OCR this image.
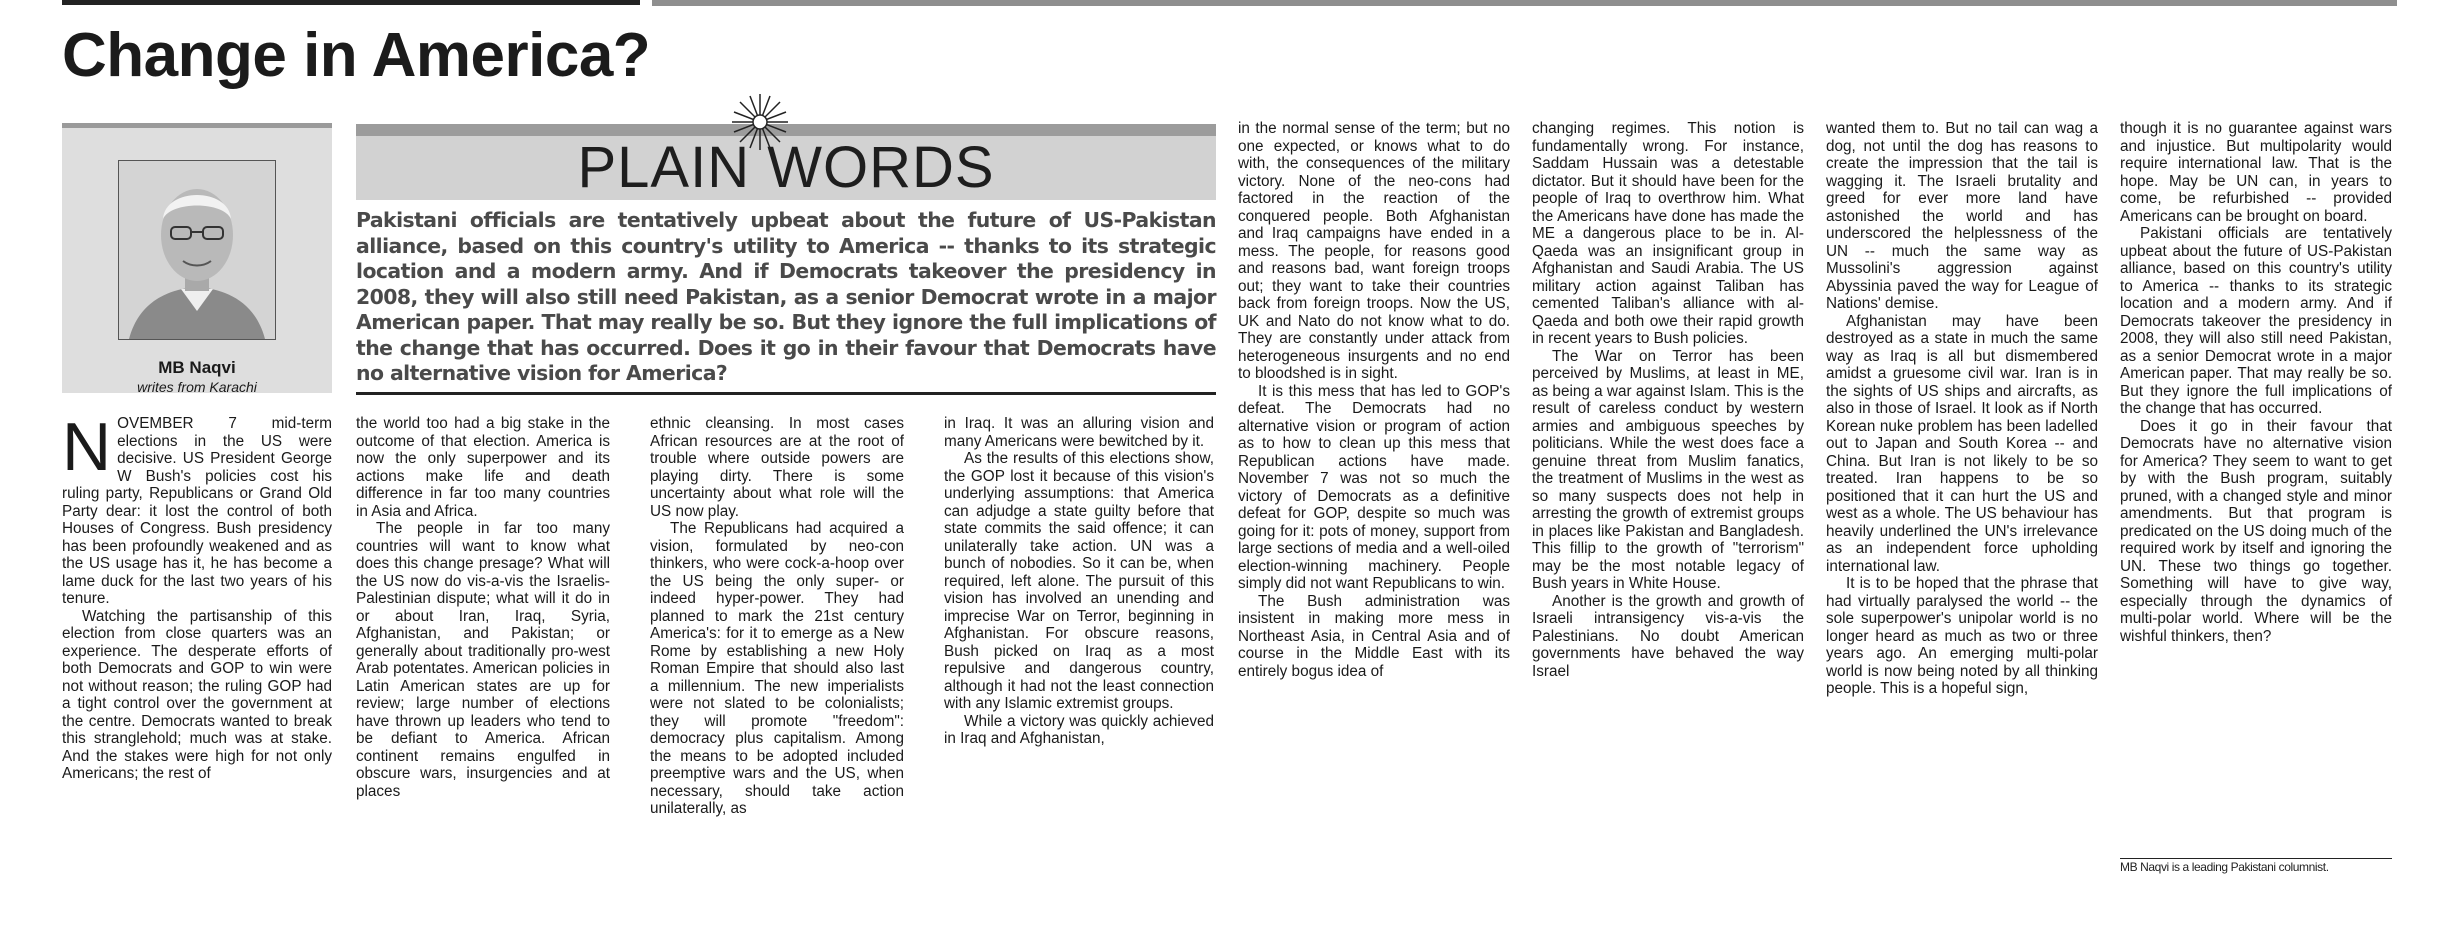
Change in America?

MB Naqvi

writes from Karachi

PLAIN WORDS

Pakistani officials are tentatively upbeat about the future of US-Pakistan alliance, based on this country's utility to America -- thanks to its strategic location and a modern army. And if Democrats takeover the presidency in 2008, they will also still need Pakistan, as a senior Democrat wrote in a major American paper. That may really be so. But they ignore the full implications of the change that has occurred. Does it go in their favour that Democrats have no alternative vision for America?

NOVEMBER 7 mid-term elections in the US were decisive. US President George W Bush's policies cost his ruling party, Republicans or Grand Old Party dear: it lost the control of both Houses of Congress. Bush presidency has been profoundly weakened and as the US usage has it, he has become a lame duck for the last two years of his tenure.

Watching the partisanship of this election from close quarters was an experience. The desperate efforts of both Democrats and GOP to win were not without reason; the ruling GOP had a tight control over the government at the centre. Democrats wanted to break this stranglehold; much was at stake. And the stakes were high for not only Americans; the rest of

the world too had a big stake in the outcome of that election. America is now the only superpower and its actions make life and death difference in far too many countries in Asia and Africa.

The people in far too many countries will want to know what does this change presage? What will the US now do vis-a-vis the Israelis-Palestinian dispute; what will it do in or about Iran, Iraq, Syria, Afghanistan, and Pakistan; or generally about traditionally pro-west Arab potentates. American policies in Latin American states are up for review; large number of elections have thrown up leaders who tend to be defiant to America. African continent remains engulfed in obscure wars, insurgencies and at places

ethnic cleansing. In most cases African resources are at the root of trouble where outside powers are playing dirty. There is some uncertainty about what role will the US now play.

The Republicans had acquired a vision, formulated by neo-con thinkers, who were cock-a-hoop over the US being the only super- or indeed hyper-power. They had planned to mark the 21st century America's: for it to emerge as a New Rome by establishing a new Holy Roman Empire that should also last a millennium. The new imperialists were not slated to be colonialists; they will promote "freedom": democracy plus capitalism. Among the means to be adopted included preemptive wars and the US, when necessary, should take action unilaterally, as

in Iraq. It was an alluring vision and many Americans were bewitched by it.

As the results of this elections show, the GOP lost it because of this vision's underlying assumptions: that America can adjudge a state guilty before that state commits the said offence; it can unilaterally take action. UN was a bunch of nobodies. So it can be, when required, left alone. The pursuit of this vision has involved an unending and imprecise War on Terror, beginning in Afghanistan. For obscure reasons, Bush picked on Iraq as a most repulsive and dangerous country, although it had not the least connection with any Islamic extremist groups.

While a victory was quickly achieved in Iraq and Afghanistan,

in the normal sense of the term; but no one expected, or knows what to do with, the consequences of the military victory. None of the neo-cons had factored in the reaction of the conquered people. Both Afghanistan and Iraq campaigns have ended in a mess. The people, for reasons good and reasons bad, want foreign troops out; they want to take their countries back from foreign troops. Now the US, UK and Nato do not know what to do. They are constantly under attack from heterogeneous insurgents and no end to bloodshed is in sight.

It is this mess that has led to GOP's defeat. The Democrats had no alternative vision or program of action as to how to clean up this mess that Republican actions have made. November 7 was not so much the victory of Democrats as a definitive defeat for GOP, despite so much was going for it: pots of money, support from large sections of media and a well-oiled election-winning machinery. People simply did not want Republicans to win.

The Bush administration was insistent in making more mess in Northeast Asia, in Central Asia and of course in the Middle East with its entirely bogus idea of

changing regimes. This notion is fundamentally wrong. For instance, Saddam Hussain was a detestable dictator. But it should have been for the people of Iraq to overthrow him. What the Americans have done has made the ME a dangerous place to be in. Al-Qaeda was an insignificant group in Afghanistan and Saudi Arabia. The US military action against Taliban has cemented Taliban's alliance with al-Qaeda and both owe their rapid growth in recent years to Bush policies.

The War on Terror has been perceived by Muslims, at least in ME, as being a war against Islam. This is the result of careless conduct by western armies and ambiguous speeches by politicians. While the west does face a genuine threat from Muslim fanatics, the treatment of Muslims in the west as so many suspects does not help in arresting the growth of extremist groups in places like Pakistan and Bangladesh. This fillip to the growth of "terrorism" may be the most notable legacy of Bush years in White House.

Another is the growth and growth of Israeli intransigency vis-a-vis the Palestinians. No doubt American governments have behaved the way Israel

wanted them to. But no tail can wag a dog, not until the dog has reasons to create the impression that the tail is wagging it. The Israeli brutality and greed for ever more land have astonished the world and has underscored the helplessness of the UN -- much the same way as Mussolini's aggression against Abyssinia paved the way for League of Nations' demise.

Afghanistan may have been destroyed as a state in much the same way as Iraq is all but dismembered amidst a gruesome civil war. Iran is in the sights of US ships and aircrafts, as also in those of Israel. It look as if North Korean nuke problem has been ladelled out to Japan and South Korea -- and China. But Iran is not likely to be so treated. Iran happens to be so positioned that it can hurt the US and west as a whole. The US behaviour has heavily underlined the UN's irrelevance as an independent force upholding international law.

It is to be hoped that the phrase that had virtually paralysed the world -- the sole superpower's unipolar world is no longer heard as much as two or three years ago. An emerging multi-polar world is now being noted by all thinking people. This is a hopeful sign,

though it is no guarantee against wars and injustice. But multipolarity would require international law. That is the hope. May be UN can, in years to come, be refurbished -- provided Americans can be brought on board.

Pakistani officials are tentatively upbeat about the future of US-Pakistan alliance, based on this country's utility to America -- thanks to its strategic location and a modern army. And if Democrats takeover the presidency in 2008, they will also still need Pakistan, as a senior Democrat wrote in a major American paper. That may really be so. But they ignore the full implications of the change that has occurred.

Does it go in their favour that Democrats have no alternative vision for America? They seem to want to get by with the Bush program, suitably pruned, with a changed style and minor amendments. But that program is predicated on the US doing much of the required work by itself and ignoring the UN. These two things go together. Something will have to give way, especially through the dynamics of multi-polar world. Where will be the wishful thinkers, then?

MB Naqvi is a leading Pakistani columnist.
